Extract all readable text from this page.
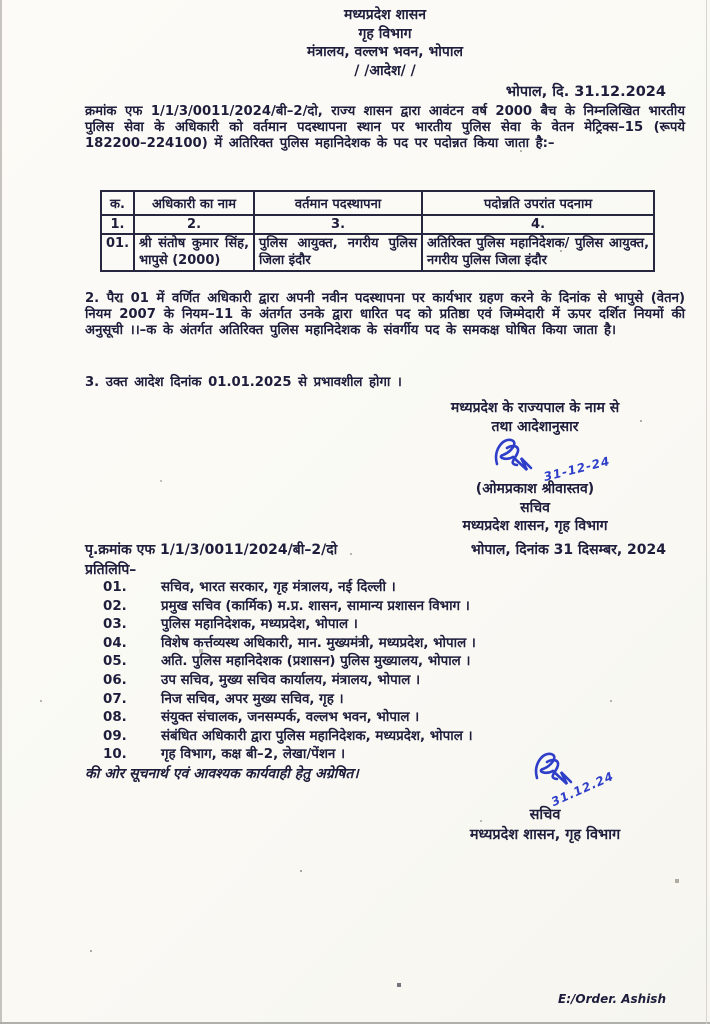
मध्यप्रदेश शासन
गृह विभाग
मंत्रालय, वल्लभ भवन, भोपाल
/ /आदेश/ /
भोपाल, दि. 31.12.2024

क्रमांक एफ 1/1/3/0011/2024/बी–2/दो, राज्य शासन द्वारा आवंटन वर्ष 2000 बैच के निम्नलिखित भारतीय पुलिस सेवा के अधिकारी को वर्तमान पदस्थापना स्थान पर भारतीय पुलिस सेवा के वेतन मेट्रिक्स–15 (रूपये 182200–224100) में अतिरिक्त पुलिस महानिदेशक के पद पर पदोन्नत किया जाता है:–

क.	अधिकारी का नाम	वर्तमान पदस्थापना	पदोन्नति उपरांत पदनाम
1.	2.	3.	4.
01.	श्री संतोष कुमार सिंह, भापुसे (2000)	पुलिस आयुक्त, नगरीय पुलिस जिला इंदौर	अतिरिक्त पुलिस महानिदेशक/ पुलिस आयुक्त, नगरीय पुलिस जिला इंदौर

2. पैरा 01 में वर्णित अधिकारी द्वारा अपनी नवीन पदस्थापना पर कार्यभार ग्रहण करने के दिनांक से भापुसे (वेतन) नियम 2007 के नियम–11 के अंतर्गत उनके द्वारा धारित पद को प्रतिष्ठा एवं जिम्मेदारी में ऊपर दर्शित नियमों की अनुसूची ।।–क के अंतर्गत अतिरिक्त पुलिस महानिदेशक के संवर्गीय पद के समकक्ष घोषित किया जाता है।

3. उक्त आदेश दिनांक 01.01.2025 से प्रभावशील होगा ।

मध्यप्रदेश के राज्यपाल के नाम से
तथा आदेशानुसार
31-12-24
(ओमप्रकाश श्रीवास्तव)
सचिव
मध्यप्रदेश शासन, गृह विभाग
पृ.क्रमांक एफ 1/1/3/0011/2024/बी–2/दो	भोपाल, दिनांक 31 दिसम्बर, 2024
प्रतिलिपि–
01.	सचिव, भारत सरकार, गृह मंत्रालय, नई दिल्ली ।
02.	प्रमुख सचिव (कार्मिक) म.प्र. शासन, सामान्य प्रशासन विभाग ।
03.	पुलिस महानिदेशक, मध्यप्रदेश, भोपाल ।
04.	विशेष कर्त्तव्यस्थ अधिकारी, मान. मुख्यमंत्री, मध्यप्रदेश, भोपाल ।
05.	अति. पुलिस महानिदेशक (प्रशासन) पुलिस मुख्यालय, भोपाल ।
06.	उप सचिव, मुख्य सचिव कार्यालय, मंत्रालय, भोपाल ।
07.	निज सचिव, अपर मुख्य सचिव, गृह ।
08.	संयुक्त संचालक, जनसम्पर्क, वल्लभ भवन, भोपाल ।
09.	संबंधित अधिकारी द्वारा पुलिस महानिदेशक, मध्यप्रदेश, भोपाल ।
10.	गृह विभाग, कक्ष बी–2, लेखा/पेंशन ।
की ओर सूचनार्थ एवं आवश्यक कार्यवाही हेतु अग्रेषित।	31.12.24
सचिव
मध्यप्रदेश शासन, गृह विभाग
E:/Order. Ashish
